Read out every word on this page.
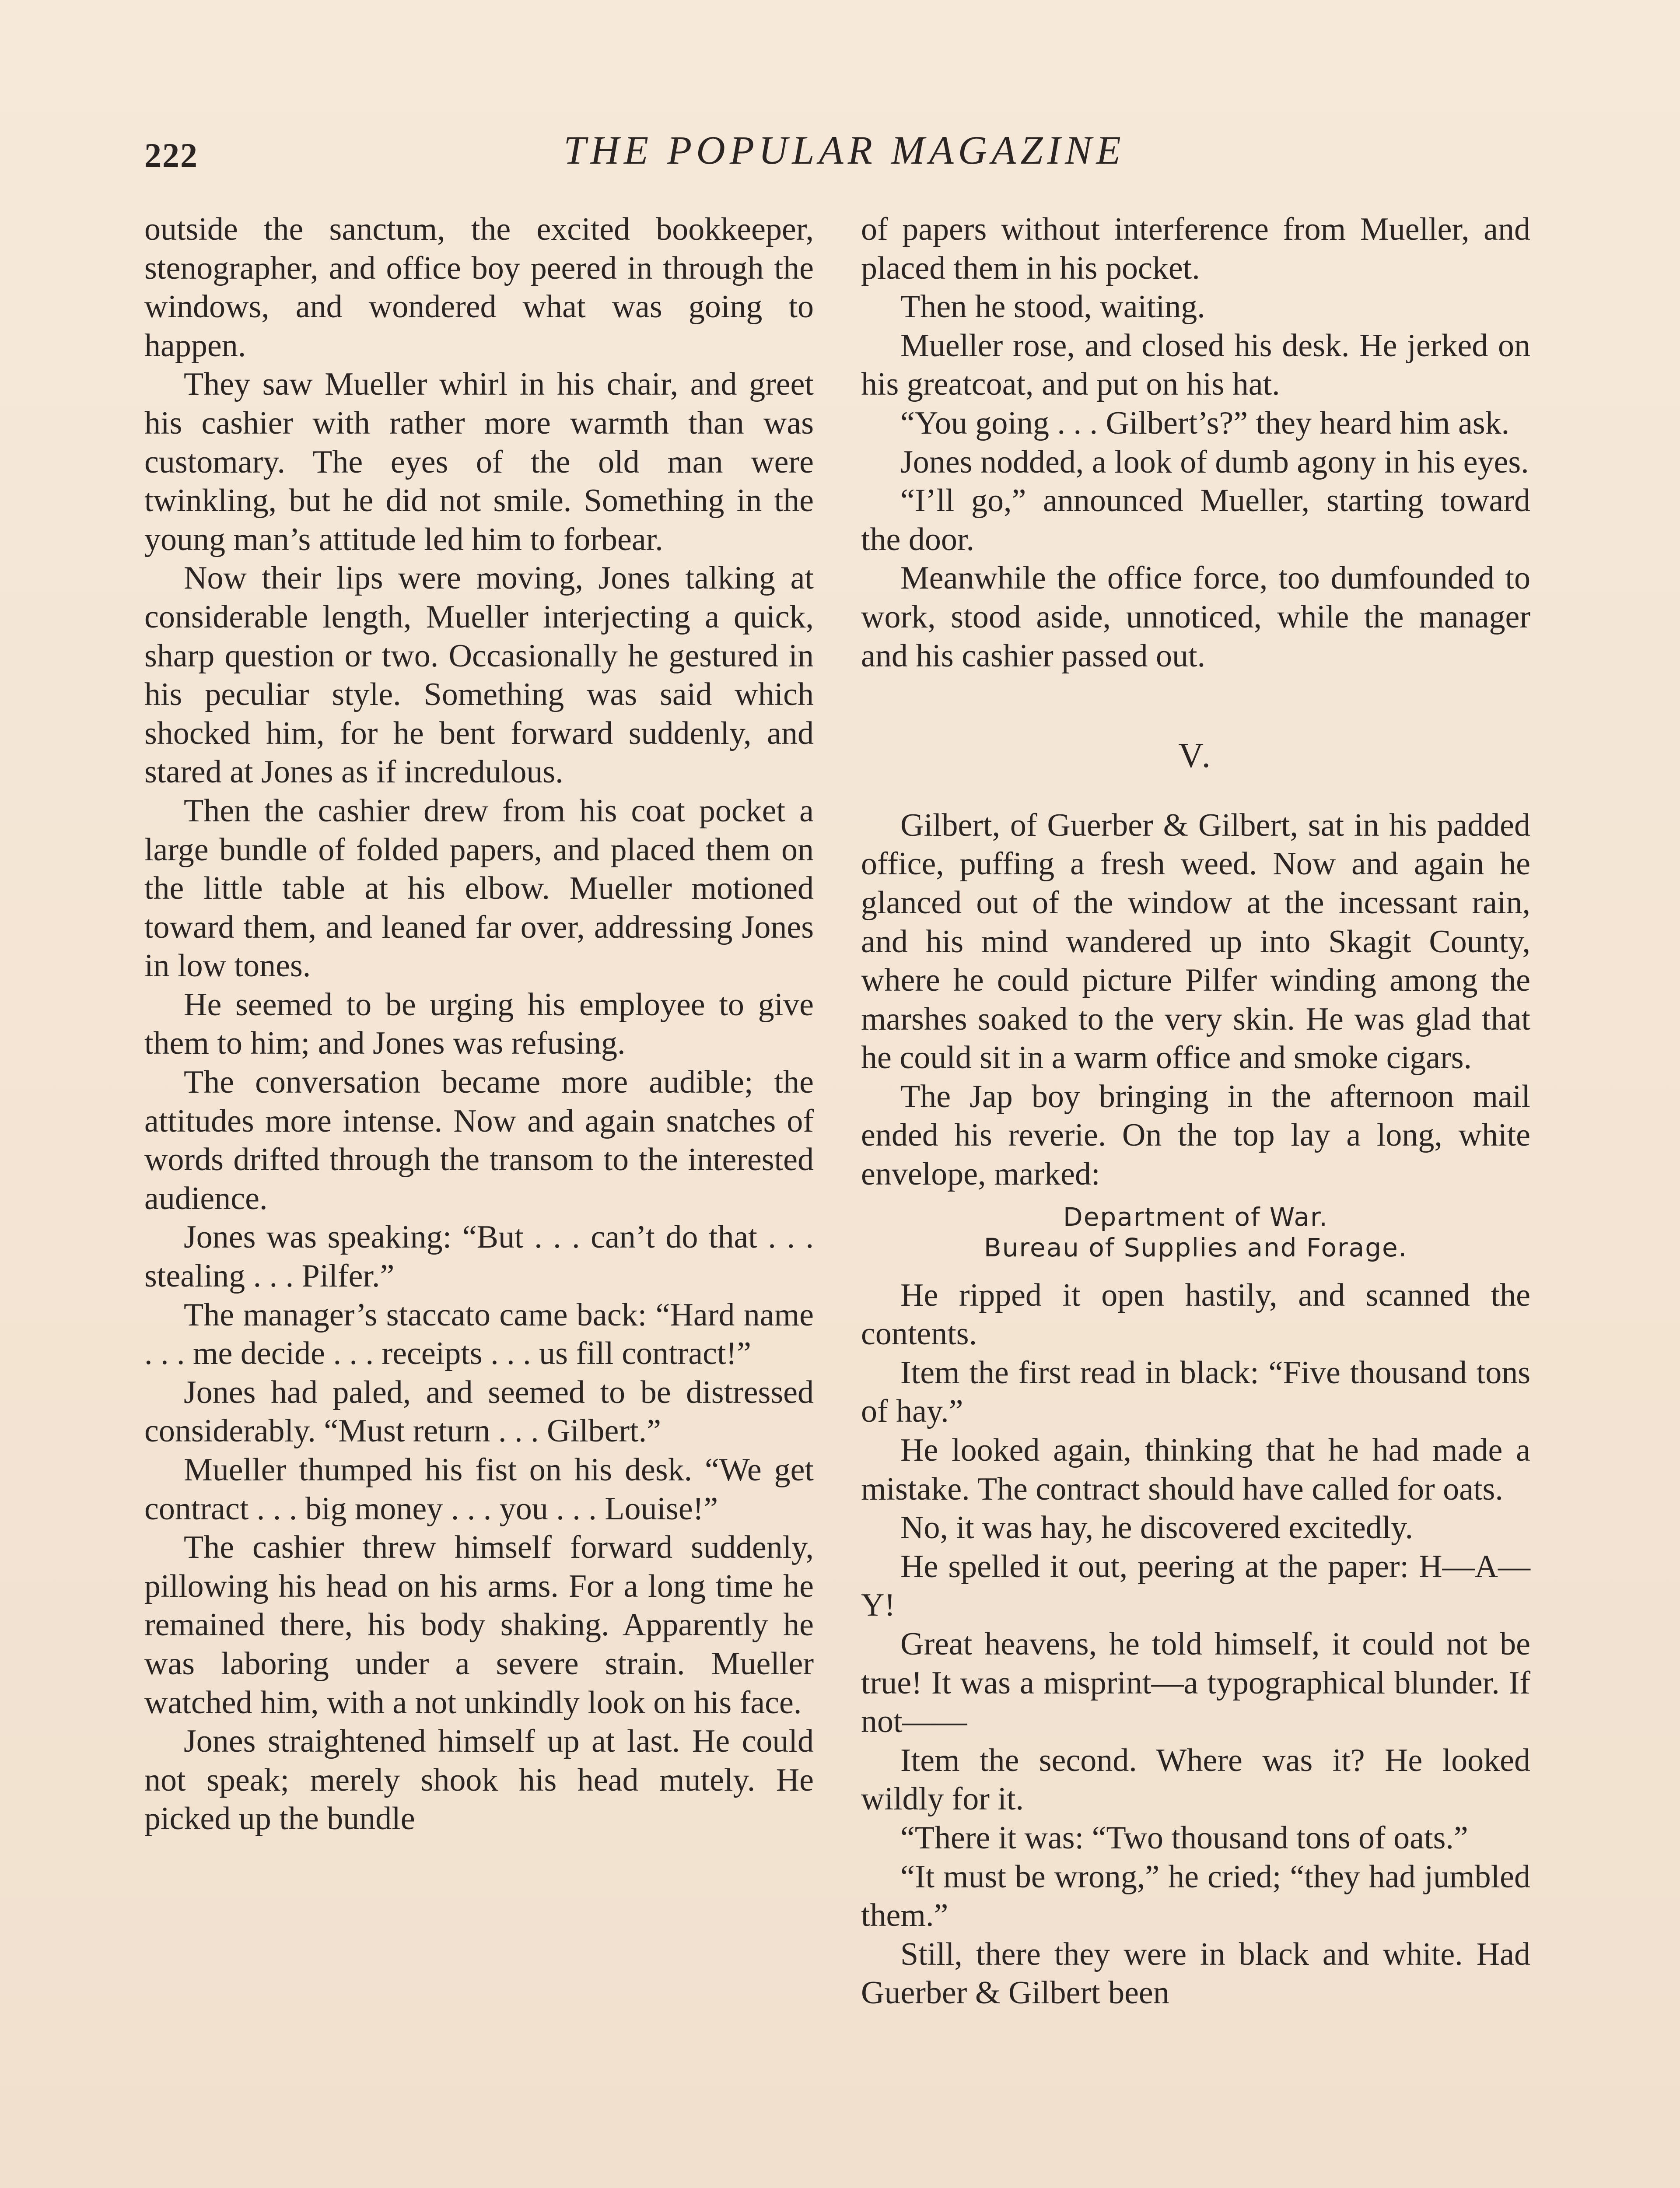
222	THE POPULAR MAGAZINE

outside the sanctum, the excited bookkeeper, stenographer, and office boy peered in through the windows, and wondered what was going to happen.

They saw Mueller whirl in his chair, and greet his cashier with rather more warmth than was customary. The eyes of the old man were twinkling, but he did not smile. Something in the young man’s attitude led him to forbear.

Now their lips were moving, Jones talking at considerable length, Mueller interjecting a quick, sharp question or two. Occasionally he gestured in his peculiar style. Something was said which shocked him, for he bent forward suddenly, and stared at Jones as if incredulous.

Then the cashier drew from his coat pocket a large bundle of folded papers, and placed them on the little table at his elbow. Mueller motioned toward them, and leaned far over, addressing Jones in low tones.

He seemed to be urging his employee to give them to him; and Jones was refusing.

The conversation became more audible; the attitudes more intense. Now and again snatches of words drifted through the transom to the interested audience.

Jones was speaking: “But . . . can’t do that . . . stealing . . . Pilfer.”

The manager’s staccato came back: “Hard name . . . me decide . . . receipts . . . us fill contract!”

Jones had paled, and seemed to be distressed considerably. “Must return . . . Gilbert.”

Mueller thumped his fist on his desk. “We get contract . . . big money . . . you . . . Louise!”

The cashier threw himself forward suddenly, pillowing his head on his arms. For a long time he remained there, his body shaking. Apparently he was laboring under a severe strain. Mueller watched him, with a not unkindly look on his face.

Jones straightened himself up at last. He could not speak; merely shook his head mutely. He picked up the bundle

of papers without interference from Mueller, and placed them in his pocket.

Then he stood, waiting.

Mueller rose, and closed his desk. He jerked on his greatcoat, and put on his hat.

“You going . . . Gilbert’s?” they heard him ask.

Jones nodded, a look of dumb agony in his eyes.

“I’ll go,” announced Mueller, starting toward the door.

Meanwhile the office force, too dumfounded to work, stood aside, unnoticed, while the manager and his cashier passed out.

V.

Gilbert, of Guerber & Gilbert, sat in his padded office, puffing a fresh weed. Now and again he glanced out of the window at the incessant rain, and his mind wandered up into Skagit County, where he could picture Pilfer winding among the marshes soaked to the very skin. He was glad that he could sit in a warm office and smoke cigars.

The Jap boy bringing in the afternoon mail ended his reverie. On the top lay a long, white envelope, marked:

Department of War.
Bureau of Supplies and Forage.

He ripped it open hastily, and scanned the contents.

Item the first read in black: “Five thousand tons of hay.”

He looked again, thinking that he had made a mistake. The contract should have called for oats.

No, it was hay, he discovered excitedly.

He spelled it out, peering at the paper: H—A—Y!

Great heavens, he told himself, it could not be true! It was a misprint—a typographical blunder. If not——

Item the second. Where was it? He looked wildly for it.

“There it was: “Two thousand tons of oats.”

“It must be wrong,” he cried; “they had jumbled them.”

Still, there they were in black and white. Had Guerber & Gilbert been
